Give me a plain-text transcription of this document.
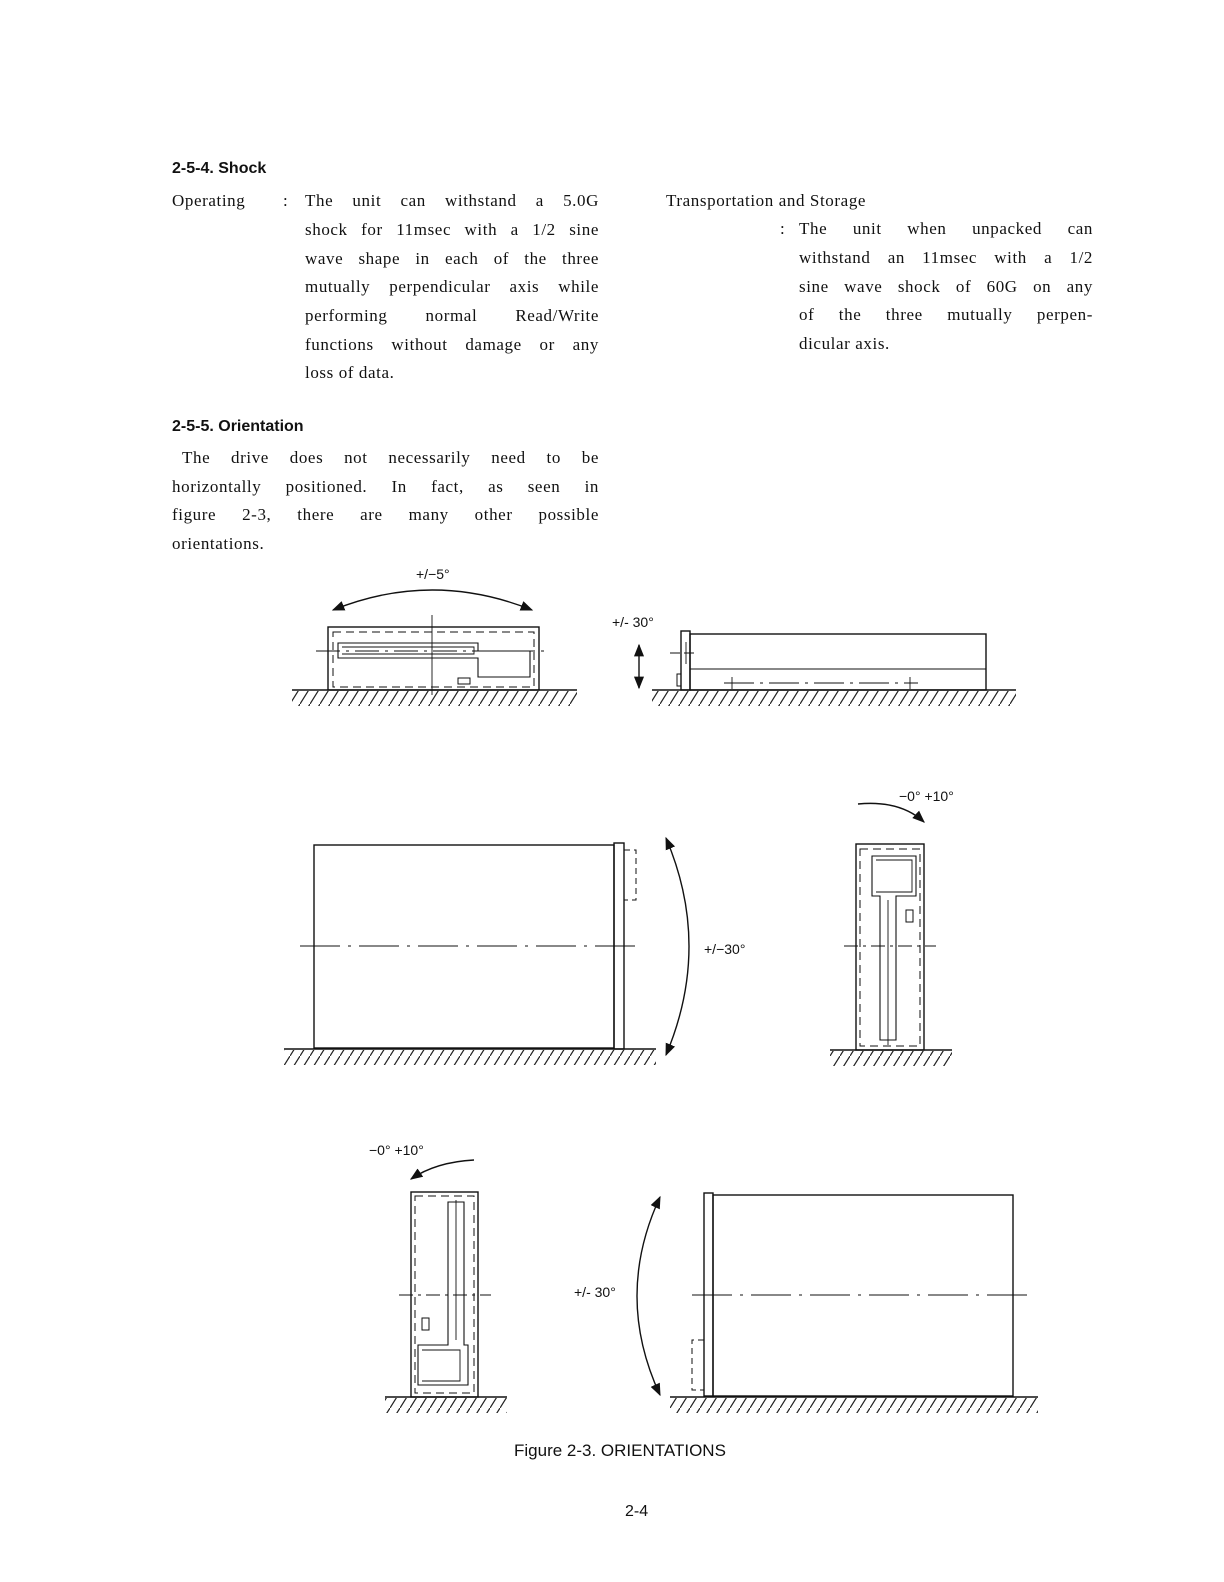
2-5-4. Shock
Operating : The unit can withstand a 5.0G
shock for 11msec with a 1/2 sine
wave shape in each of the three
mutually perpendicular axis while
performing normal Read/Write
functions without damage or any
loss of data.
Transportation and Storage
: The unit when unpacked can
withstand an 11msec with a 1/2
sine wave shock of 60G on any
of the three mutually perpen-
dicular axis.
2-5-5. Orientation
The drive does not necessarily need to be
horizontally positioned. In fact, as seen in
figure 2-3, there are many other possible
orientations.
+/−5°
+/- 30°
+/−30°
−0° +10°
−0° +10°
+/- 30°
Figure 2-3. ORIENTATIONS
2-4
